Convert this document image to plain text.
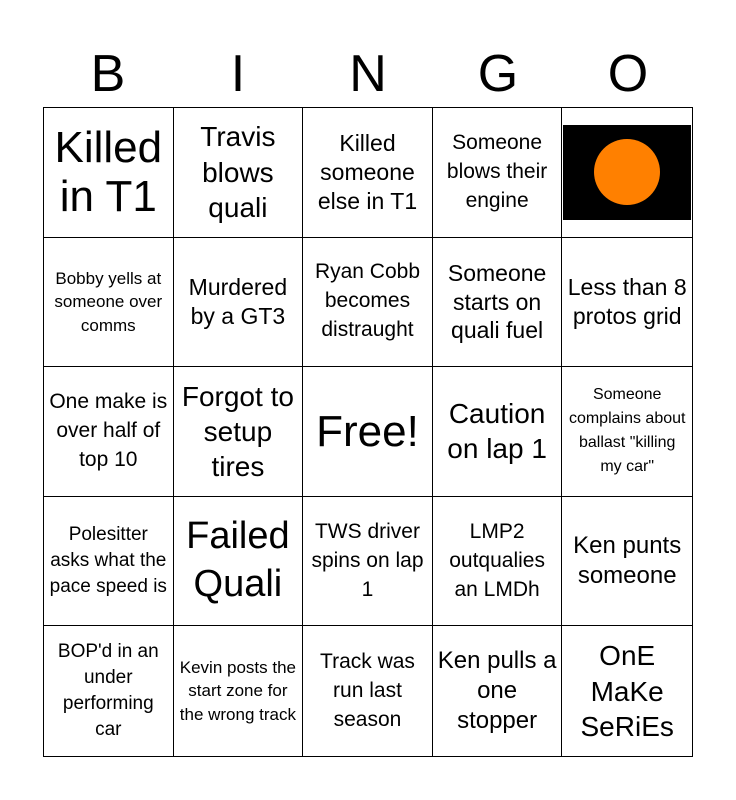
B	I	N	G	O
Killed in T1
Travis blows quali
Killed someone else in T1
Someone blows their engine
Bobby yells at someone over comms
Murdered by a GT3
Ryan Cobb becomes distraught
Someone starts on quali fuel
Less than 8 protos grid
One make is over half of top 10
Forgot to setup tires
Free!	Caution on lap 1
Someone complains about ballast "killing my car"
Polesitter asks what the pace speed is
Failed Quali
TWS driver spins on lap 1
LMP2 outqualies an LMDh
Ken punts someone
BOP'd in an under performing car
Kevin posts the start zone for the wrong track
Track was run last season
Ken pulls a one stopper
OnE MaKe SeRiEs
